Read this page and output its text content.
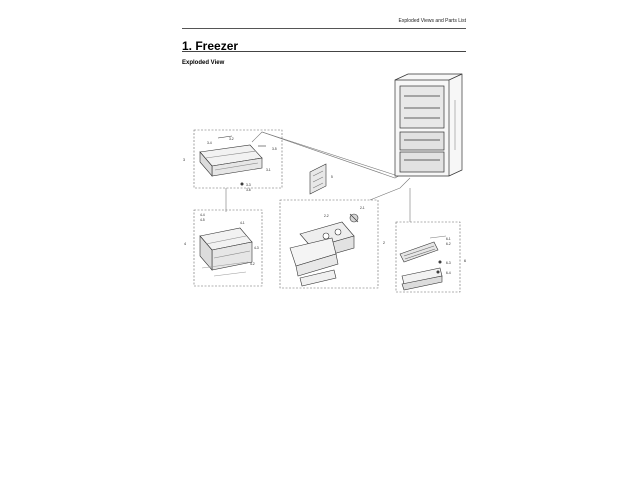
Exploded Views and Parts List
1. Freezer
Exploded View
3
3-2
3-4
3-5
3-1
3-3
3-6
4
4-4
4-5
4-1
4-3
4-2
5
2
2-1
2-2
6
6-1
6-2
6-3
6-4
